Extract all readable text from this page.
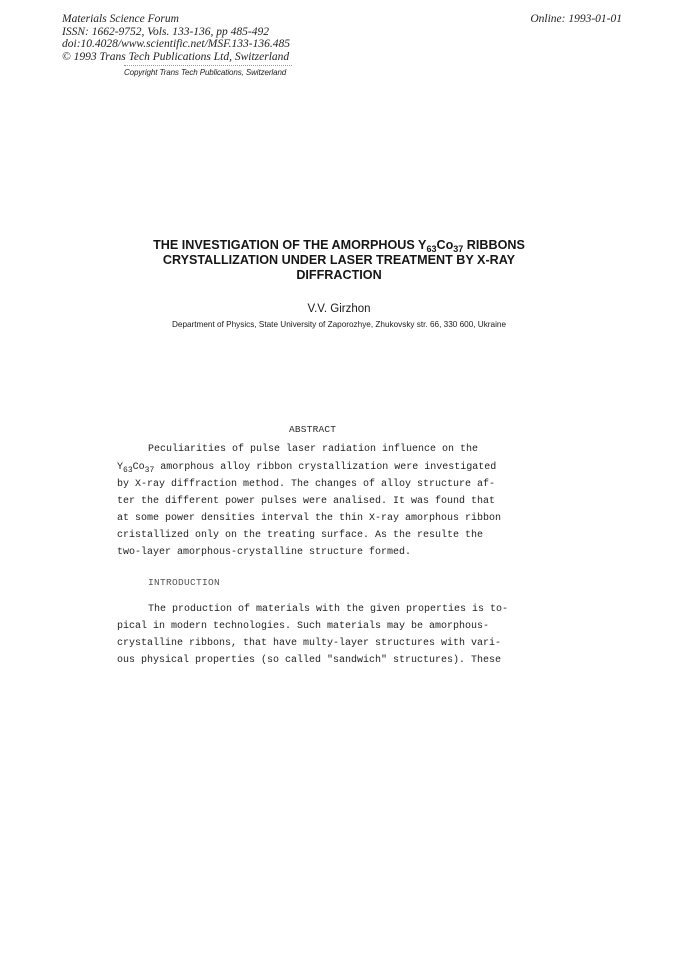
Materials Science Forum
ISSN: 1662-9752, Vols. 133-136, pp 485-492
doi:10.4028/www.scientific.net/MSF.133-136.485
© 1993 Trans Tech Publications Ltd, Switzerland
Online: 1993-01-01
Copyright Trans Tech Publications, Switzerland
THE INVESTIGATION OF THE AMORPHOUS $Y_{63}Co_{37}$ RIBBONS
CRYSTALLIZATION UNDER LASER TREATMENT BY X-RAY
DIFFRACTION
V.V. Girzhon
Department of Physics, State University of Zaporozhye, Zhukovsky str. 66, 330 600, Ukraine
ABSTRACT
Peculiarities of pulse laser radiation influence on the
$Y_{63}Co_{37}$ amorphous alloy ribbon crystallization were investigated
by X-ray diffraction method. The changes of alloy structure af-
ter the different power pulses were analised. It was found that
at some power densities interval the thin X-ray amorphous ribbon
cristallized only on the treating surface. As the resulte the
two-layer amorphous-crystalline structure formed.
INTRODUCTION
The production of materials with the given properties is to-
pical in modern technologies. Such materials may be amorphous-
crystalline ribbons, that have multy-layer structures with vari-
ous physical properties (so called "sandwich" structures). These
